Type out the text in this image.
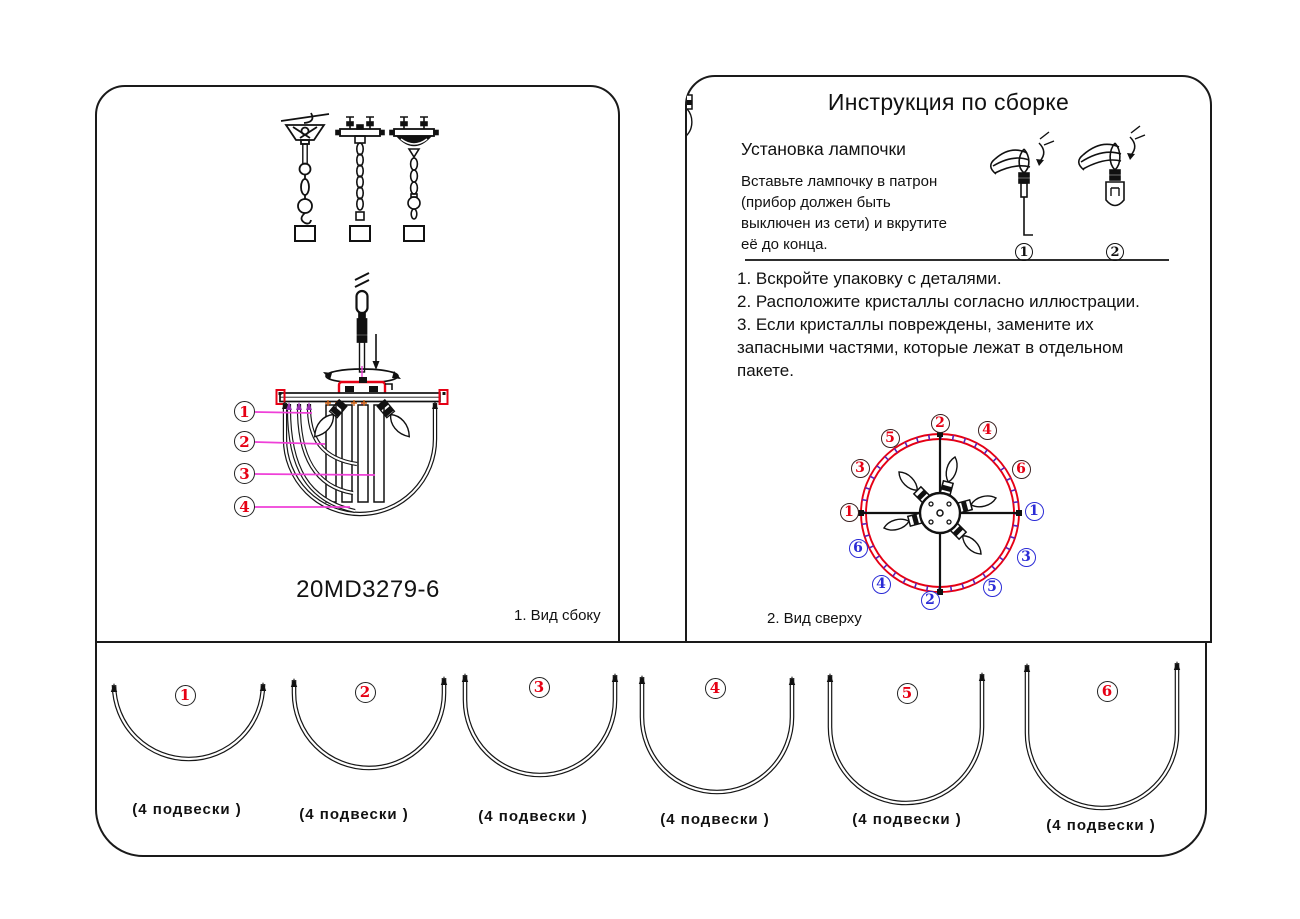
1
2
3
4
20MD3279-6
1. Вид сбоку
Инструкция по сборке
Установка лампочки
Вставьте лампочку в патрон
(прибор должен быть
выключен из сети) и вкрутите
её до конца.	1	2
1. Вскройте упаковку с деталями.
2. Расположите кристаллы согласно иллюстрации.
3. Если кристаллы повреждены, замените их
запасными частями, которые лежат в отдельном
пакете.
2
5	4
3	6
1	1
3
6
4	5
2
2. Вид сверху
1	2	3	4	5	6
(4 подвески )	(4 подвески )	(4 подвески )	(4 подвески )	(4 подвески )	(4 подвески )
